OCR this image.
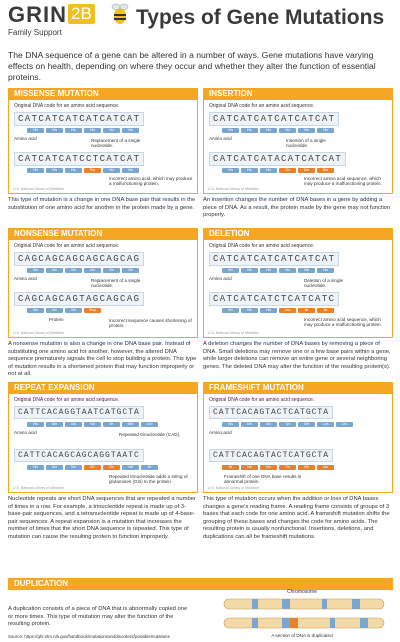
GRIN 2B
Family Support
Types of Gene Mutations
The DNA sequence of a gene can be altered in a number of ways. Gene mutations have varying effects on health, depending on where they occur and whether they alter the function of essential proteins.
MISSENSE MUTATION
Original DNA code for an amino acid sequence.
CATCATCATCATCATCAT
His	His	His	His	His	His
Amino acid	Replacement of a single nucleotide.
CATCATCATCCTCATCAT
His	His	His	Pro	His	His
Incorrect amino acid, which may produce a malfunctioning protein.
U.S. National Library of Medicine
This type of mutation is a change in one DNA base pair that results in the substitution of one amino acid for another in the protein made by a gene.
INSERTION
Original DNA code for an amino acid sequence.
CATCATCATCATCATCAT
His	His	His	His	His	His
Amino acid	Insertion of a single nucleotide.
CATCATCATACATCATCAT
His	His	His	Thr	Ser	Ser
Incorrect amino acid sequence, which may produce a malfunctioning protein.
U.S. National Library of Medicine
An insertion changes the number of DNA bases in a gene by adding a piece of DNA. As a result, the protein made by the gene may not function properly.
NONSENSE MUTATION
Original DNA code for an amino acid sequence.
CAGCAGCAGCAGCAGCAG
Gln	Gln	Gln	Gln	Gln	Gln
Amino acid	Replacement of a single nucleotide.
CAGCAGCAGTAGCAGCAG
Gln	Gln	Gln	Stop
Protein	Incorrect sequence causes shortening of protein.
U.S. National Library of Medicine
A nonsense mutation is also a change in one DNA base pair. Instead of substituting one amino acid for another, however, the altered DNA sequence prematurely signals the cell to stop building a protein. This type of mutation results in a shortened protein that may function improperly or not at all.
DELETION
Original DNA code for an amino acid sequence.
CATCATCATCATCATCAT
His	His	His	His	His	His
Amino acid	Deletion of a single nucleotide.
CATCATCATCTCATCATC
His	His	His	Leu	Ile	Ile
Incorrect amino acid sequence, which may produce a malfunctioning protein.
U.S. National Library of Medicine
A deletion changes the number of DNA bases by removing a piece of DNA. Small deletions may remove one or a few base pairs within a gene, while larger deletions can remove an entire gene or several neighboring genes. The deleted DNA may alter the function of the resulting protein(s).
REPEAT EXPANSION
Original DNA code for an amino acid sequence.
CATTCACAGGTAATCATGCTA
His	Ser	Gln	Val	Ile	Met	Leu
Amino acid	Repeated trinucleotide (CAG).
CATTCACAGCAGCAGGTAATC
His	Ser	Gln	Gln	Gln	Val	Ile
Repeated trinucleotide adds a string of glutamines (Gln) to the protein.
U.S. National Library of Medicine
Nucleotide repeats are short DNA sequences that are repeated a number of times in a row. For example, a trinucleotide repeat is made up of 3-base-pair sequences, and a tetranucleotide repeat is made up of 4-base-pair sequences. A repeat expansion is a mutation that increases the number of times that the short DNA sequence is repeated. This type of mutation can cause the resulting protein to function improperly.
FRAMESHIFT MUTATION
Original DNA code for an amino acid sequence.
CATTCACAGTACTCATGCTA
His	Ser	Gln	Tyr	Ser	Cys	Leu
Amino acid
CATTCACAGTACTCATGCTA
Ile	His	Ser	Thr	His	Ala
Frameshift of one DNA base results in abnormal protein.
U.S. National Library of Medicine
This type of mutation occurs when the addition or loss of DNA bases changes a gene's reading frame. A reading frame consists of groups of 3 bases that each code for one amino acid. A frameshift mutation shifts the grouping of these bases and changes the code for amino acids. The resulting protein is usually nonfunctional. Insertions, deletions, and duplications can all be frameshift mutations.
DUPLICATION
A duplication consists of a piece of DNA that is abnormally copied one or more times. This type of mutation may alter the function of the resulting protein.
Chromosome
A section of DNA is duplicated
Source: https://ghr.nlm.nih.gov/handbook/mutationsanddisorders/possiblemutations
